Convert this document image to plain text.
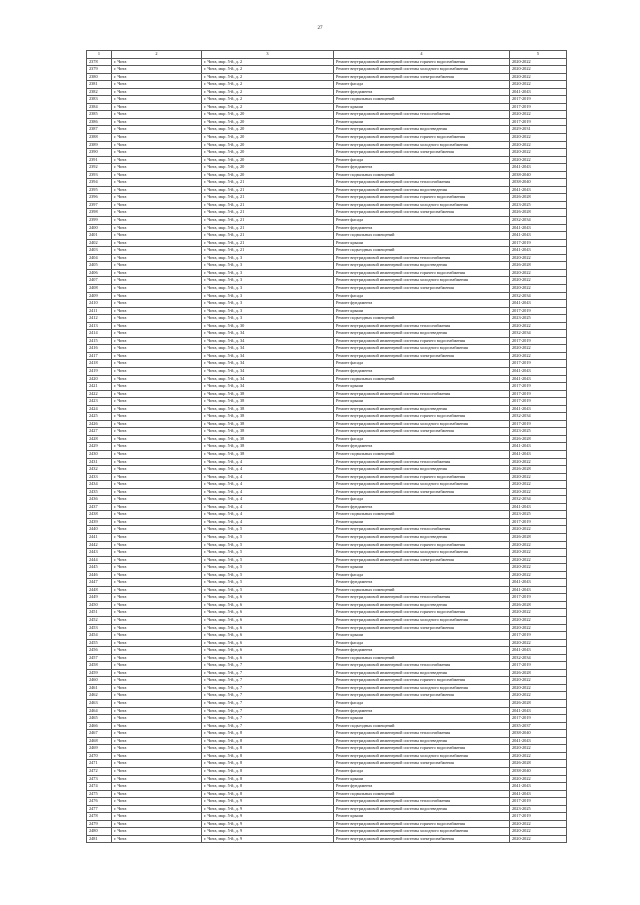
27
1	2	3	4	5
2378	г. Чита	г. Чита, мкр. 5-й, д. 2	Ремонт внутридомовой инженерной системы горячего водоснабжения	2020-2022
2379	г. Чита	г. Чита, мкр. 5-й, д. 2	Ремонт внутридомовой инженерной системы холодного водоснабжения	2020-2022
2380	г. Чита	г. Чита, мкр. 5-й, д. 2	Ремонт внутридомовой инженерной системы электроснабжения	2020-2022
2381	г. Чита	г. Чита, мкр. 5-й, д. 2	Ремонт фасада	2020-2022
2382	г. Чита	г. Чита, мкр. 5-й, д. 2	Ремонт фундамента	2041-2043
2383	г. Чита	г. Чита, мкр. 5-й, д. 2	Ремонт подвальных помещений	2017-2019
2384	г. Чита	г. Чита, мкр. 5-й, д. 2	Ремонт крыши	2017-2019
2385	г. Чита	г. Чита, мкр. 5-й, д. 20	Ремонт внутридомовой инженерной системы теплоснабжения	2020-2022
2386	г. Чита	г. Чита, мкр. 5-й, д. 20	Ремонт крыши	2017-2019
2387	г. Чита	г. Чита, мкр. 5-й, д. 20	Ремонт внутридомовой инженерной системы водоотведения	2029-2031
2388	г. Чита	г. Чита, мкр. 5-й, д. 20	Ремонт внутридомовой инженерной системы горячего водоснабжения	2020-2022
2389	г. Чита	г. Чита, мкр. 5-й, д. 20	Ремонт внутридомовой инженерной системы холодного водоснабжения	2020-2022
2390	г. Чита	г. Чита, мкр. 5-й, д. 20	Ремонт внутридомовой инженерной системы электроснабжения	2020-2022
2391	г. Чита	г. Чита, мкр. 5-й, д. 20	Ремонт фасада	2020-2022
2392	г. Чита	г. Чита, мкр. 5-й, д. 20	Ремонт фундамента	2041-2043
2393	г. Чита	г. Чита, мкр. 5-й, д. 20	Ремонт подвальных помещений	2038-2040
2394	г. Чита	г. Чита, мкр. 5-й, д. 21	Ремонт внутридомовой инженерной системы теплоснабжения	2038-2040
2395	г. Чита	г. Чита, мкр. 5-й, д. 21	Ремонт внутридомовой инженерной системы водоотведения	2041-2043
2396	г. Чита	г. Чита, мкр. 5-й, д. 21	Ремонт внутридомовой инженерной системы горячего водоснабжения	2026-2028
2397	г. Чита	г. Чита, мкр. 5-й, д. 21	Ремонт внутридомовой инженерной системы холодного водоснабжения	2023-2025
2398	г. Чита	г. Чита, мкр. 5-й, д. 21	Ремонт внутридомовой инженерной системы электроснабжения	2026-2028
2399	г. Чита	г. Чита, мкр. 5-й, д. 21	Ремонт фасада	2032-2034
2400	г. Чита	г. Чита, мкр. 5-й, д. 21	Ремонт фундамента	2041-2043
2401	г. Чита	г. Чита, мкр. 5-й, д. 21	Ремонт подвальных помещений	2041-2043
2402	г. Чита	г. Чита, мкр. 5-й, д. 21	Ремонт крыши	2017-2019
2403	г. Чита	г. Чита, мкр. 5-й, д. 21	Ремонт подъездных помещений	2041-2043
2404	г. Чита	г. Чита, мкр. 5-й, д. 3	Ремонт внутридомовой инженерной системы теплоснабжения	2020-2022
2405	г. Чита	г. Чита, мкр. 5-й, д. 3	Ремонт внутридомовой инженерной системы водоотведения	2026-2028
2406	г. Чита	г. Чита, мкр. 5-й, д. 3	Ремонт внутридомовой инженерной системы горячего водоснабжения	2020-2022
2407	г. Чита	г. Чита, мкр. 5-й, д. 3	Ремонт внутридомовой инженерной системы холодного водоснабжения	2020-2022
2408	г. Чита	г. Чита, мкр. 5-й, д. 3	Ремонт внутридомовой инженерной системы электроснабжения	2020-2022
2409	г. Чита	г. Чита, мкр. 5-й, д. 3	Ремонт фасада	2032-2034
2410	г. Чита	г. Чита, мкр. 5-й, д. 3	Ремонт фундамента	2041-2043
2411	г. Чита	г. Чита, мкр. 5-й, д. 3	Ремонт крыши	2017-2019
2412	г. Чита	г. Чита, мкр. 5-й, д. 3	Ремонт подъездных помещений	2023-2025
2413	г. Чита	г. Чита, мкр. 5-й, д. 30	Ремонт внутридомовой инженерной системы теплоснабжения	2020-2022
2414	г. Чита	г. Чита, мкр. 5-й, д. 34	Ремонт внутридомовой инженерной системы водоотведения	2032-2034
2415	г. Чита	г. Чита, мкр. 5-й, д. 34	Ремонт внутридомовой инженерной системы горячего водоснабжения	2017-2019
2416	г. Чита	г. Чита, мкр. 5-й, д. 34	Ремонт внутридомовой инженерной системы холодного водоснабжения	2020-2022
2417	г. Чита	г. Чита, мкр. 5-й, д. 34	Ремонт внутридомовой инженерной системы электроснабжения	2020-2022
2418	г. Чита	г. Чита, мкр. 5-й, д. 34	Ремонт фасада	2017-2019
2419	г. Чита	г. Чита, мкр. 5-й, д. 34	Ремонт фундамента	2041-2043
2420	г. Чита	г. Чита, мкр. 5-й, д. 34	Ремонт подвальных помещений	2041-2043
2421	г. Чита	г. Чита, мкр. 5-й, д. 34	Ремонт крыши	2017-2019
2422	г. Чита	г. Чита, мкр. 5-й, д. 38	Ремонт внутридомовой инженерной системы теплоснабжения	2017-2019
2423	г. Чита	г. Чита, мкр. 5-й, д. 38	Ремонт крыши	2017-2019
2424	г. Чита	г. Чита, мкр. 5-й, д. 38	Ремонт внутридомовой инженерной системы водоотведения	2041-2043
2425	г. Чита	г. Чита, мкр. 5-й, д. 38	Ремонт внутридомовой инженерной системы горячего водоснабжения	2032-2034
2426	г. Чита	г. Чита, мкр. 5-й, д. 38	Ремонт внутридомовой инженерной системы холодного водоснабжения	2017-2019
2427	г. Чита	г. Чита, мкр. 5-й, д. 38	Ремонт внутридомовой инженерной системы электроснабжения	2023-2025
2428	г. Чита	г. Чита, мкр. 5-й, д. 38	Ремонт фасада	2026-2028
2429	г. Чита	г. Чита, мкр. 5-й, д. 38	Ремонт фундамента	2041-2043
2430	г. Чита	г. Чита, мкр. 5-й, д. 38	Ремонт подвальных помещений	2041-2043
2431	г. Чита	г. Чита, мкр. 5-й, д. 4	Ремонт внутридомовой инженерной системы теплоснабжения	2020-2022
2432	г. Чита	г. Чита, мкр. 5-й, д. 4	Ремонт внутридомовой инженерной системы водоотведения	2026-2028
2433	г. Чита	г. Чита, мкр. 5-й, д. 4	Ремонт внутридомовой инженерной системы горячего водоснабжения	2020-2022
2434	г. Чита	г. Чита, мкр. 5-й, д. 4	Ремонт внутридомовой инженерной системы холодного водоснабжения	2020-2022
2435	г. Чита	г. Чита, мкр. 5-й, д. 4	Ремонт внутридомовой инженерной системы электроснабжения	2020-2022
2436	г. Чита	г. Чита, мкр. 5-й, д. 4	Ремонт фасада	2032-2034
2437	г. Чита	г. Чита, мкр. 5-й, д. 4	Ремонт фундамента	2041-2043
2438	г. Чита	г. Чита, мкр. 5-й, д. 4	Ремонт подвальных помещений	2023-2025
2439	г. Чита	г. Чита, мкр. 5-й, д. 4	Ремонт крыши	2017-2019
2440	г. Чита	г. Чита, мкр. 5-й, д. 5	Ремонт внутридомовой инженерной системы теплоснабжения	2020-2022
2441	г. Чита	г. Чита, мкр. 5-й, д. 5	Ремонт внутридомовой инженерной системы водоотведения	2026-2028
2442	г. Чита	г. Чита, мкр. 5-й, д. 5	Ремонт внутридомовой инженерной системы горячего водоснабжения	2020-2022
2443	г. Чита	г. Чита, мкр. 5-й, д. 5	Ремонт внутридомовой инженерной системы холодного водоснабжения	2020-2022
2444	г. Чита	г. Чита, мкр. 5-й, д. 5	Ремонт внутридомовой инженерной системы электроснабжения	2020-2022
2445	г. Чита	г. Чита, мкр. 5-й, д. 5	Ремонт крыши	2020-2022
2446	г. Чита	г. Чита, мкр. 5-й, д. 5	Ремонт фасада	2020-2022
2447	г. Чита	г. Чита, мкр. 5-й, д. 5	Ремонт фундамента	2041-2043
2448	г. Чита	г. Чита, мкр. 5-й, д. 5	Ремонт подвальных помещений	2041-2043
2449	г. Чита	г. Чита, мкр. 5-й, д. 6	Ремонт внутридомовой инженерной системы теплоснабжения	2017-2019
2450	г. Чита	г. Чита, мкр. 5-й, д. 6	Ремонт внутридомовой инженерной системы водоотведения	2026-2028
2451	г. Чита	г. Чита, мкр. 5-й, д. 6	Ремонт внутридомовой инженерной системы горячего водоснабжения	2020-2022
2452	г. Чита	г. Чита, мкр. 5-й, д. 6	Ремонт внутридомовой инженерной системы холодного водоснабжения	2020-2022
2453	г. Чита	г. Чита, мкр. 5-й, д. 6	Ремонт внутридомовой инженерной системы электроснабжения	2020-2022
2454	г. Чита	г. Чита, мкр. 5-й, д. 6	Ремонт крыши	2017-2019
2455	г. Чита	г. Чита, мкр. 5-й, д. 6	Ремонт фасада	2020-2022
2456	г. Чита	г. Чита, мкр. 5-й, д. 6	Ремонт фундамента	2041-2043
2457	г. Чита	г. Чита, мкр. 5-й, д. 6	Ремонт подвальных помещений	2032-2034
2458	г. Чита	г. Чита, мкр. 5-й, д. 7	Ремонт внутридомовой инженерной системы теплоснабжения	2017-2019
2459	г. Чита	г. Чита, мкр. 5-й, д. 7	Ремонт внутридомовой инженерной системы водоотведения	2026-2028
2460	г. Чита	г. Чита, мкр. 5-й, д. 7	Ремонт внутридомовой инженерной системы горячего водоснабжения	2020-2022
2461	г. Чита	г. Чита, мкр. 5-й, д. 7	Ремонт внутридомовой инженерной системы холодного водоснабжения	2020-2022
2462	г. Чита	г. Чита, мкр. 5-й, д. 7	Ремонт внутридомовой инженерной системы электроснабжения	2020-2022
2463	г. Чита	г. Чита, мкр. 5-й, д. 7	Ремонт фасада	2026-2028
2464	г. Чита	г. Чита, мкр. 5-й, д. 7	Ремонт фундамента	2041-2043
2465	г. Чита	г. Чита, мкр. 5-й, д. 7	Ремонт крыши	2017-2019
2466	г. Чита	г. Чита, мкр. 5-й, д. 7	Ремонт подъездных помещений	2035-2037
2467	г. Чита	г. Чита, мкр. 5-й, д. 8	Ремонт внутридомовой инженерной системы теплоснабжения	2038-2040
2468	г. Чита	г. Чита, мкр. 5-й, д. 8	Ремонт внутридомовой инженерной системы водоотведения	2041-2043
2469	г. Чита	г. Чита, мкр. 5-й, д. 8	Ремонт внутридомовой инженерной системы горячего водоснабжения	2020-2022
2470	г. Чита	г. Чита, мкр. 5-й, д. 8	Ремонт внутридомовой инженерной системы холодного водоснабжения	2020-2022
2471	г. Чита	г. Чита, мкр. 5-й, д. 8	Ремонт внутридомовой инженерной системы электроснабжения	2026-2028
2472	г. Чита	г. Чита, мкр. 5-й, д. 8	Ремонт фасада	2038-2040
2473	г. Чита	г. Чита, мкр. 5-й, д. 8	Ремонт крыши	2020-2022
2474	г. Чита	г. Чита, мкр. 5-й, д. 8	Ремонт фундамента	2041-2043
2475	г. Чита	г. Чита, мкр. 5-й, д. 8	Ремонт подвальных помещений	2041-2043
2476	г. Чита	г. Чита, мкр. 5-й, д. 9	Ремонт внутридомовой инженерной системы теплоснабжения	2017-2019
2477	г. Чита	г. Чита, мкр. 5-й, д. 9	Ремонт внутридомовой инженерной системы водоотведения	2023-2025
2478	г. Чита	г. Чита, мкр. 5-й, д. 9	Ремонт крыши	2017-2019
2479	г. Чита	г. Чита, мкр. 5-й, д. 9	Ремонт внутридомовой инженерной системы горячего водоснабжения	2020-2022
2480	г. Чита	г. Чита, мкр. 5-й, д. 9	Ремонт внутридомовой инженерной системы холодного водоснабжения	2020-2022
2481	г. Чита	г. Чита, мкр. 5-й, д. 9	Ремонт внутридомовой инженерной системы электроснабжения	2020-2022
